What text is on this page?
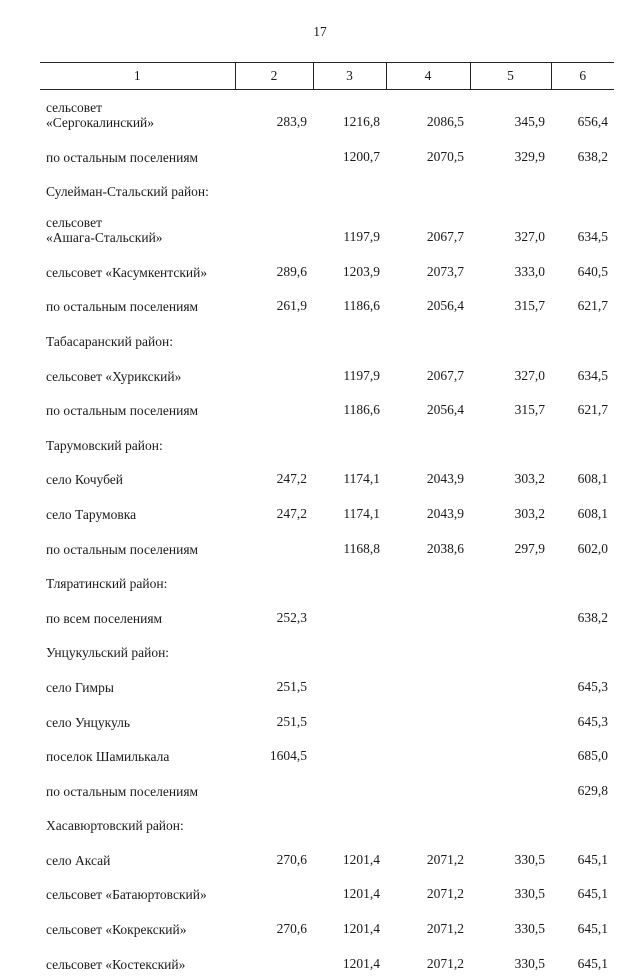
17
1	2	3	4	5	6
сельсовет
«Сергокалинский»	283,9	1216,8	2086,5	345,9	656,4
по остальным поселениям		1200,7	2070,5	329,9	638,2
Сулейман-Стальский район:					
сельсовет
«Ашага-Стальский»		1197,9	2067,7	327,0	634,5
сельсовет «Касумкентский»	289,6	1203,9	2073,7	333,0	640,5
по остальным поселениям	261,9	1186,6	2056,4	315,7	621,7
Табасаранский район:					
сельсовет «Хурикский»		1197,9	2067,7	327,0	634,5
по остальным поселениям		1186,6	2056,4	315,7	621,7
Тарумовский район:					
село Кочубей	247,2	1174,1	2043,9	303,2	608,1
село Тарумовка	247,2	1174,1	2043,9	303,2	608,1
по остальным поселениям		1168,8	2038,6	297,9	602,0
Тляратинский район:					
по всем поселениям	252,3				638,2
Унцукульский район:					
село Гимры	251,5				645,3
село Унцукуль	251,5				645,3
поселок Шамилькала	1604,5				685,0
по остальным поселениям					629,8
Хасавюртовский район:					
село Аксай	270,6	1201,4	2071,2	330,5	645,1
сельсовет «Батаюртовский»		1201,4	2071,2	330,5	645,1
сельсовет «Кокрекский»	270,6	1201,4	2071,2	330,5	645,1
сельсовет «Костекский»		1201,4	2071,2	330,5	645,1
